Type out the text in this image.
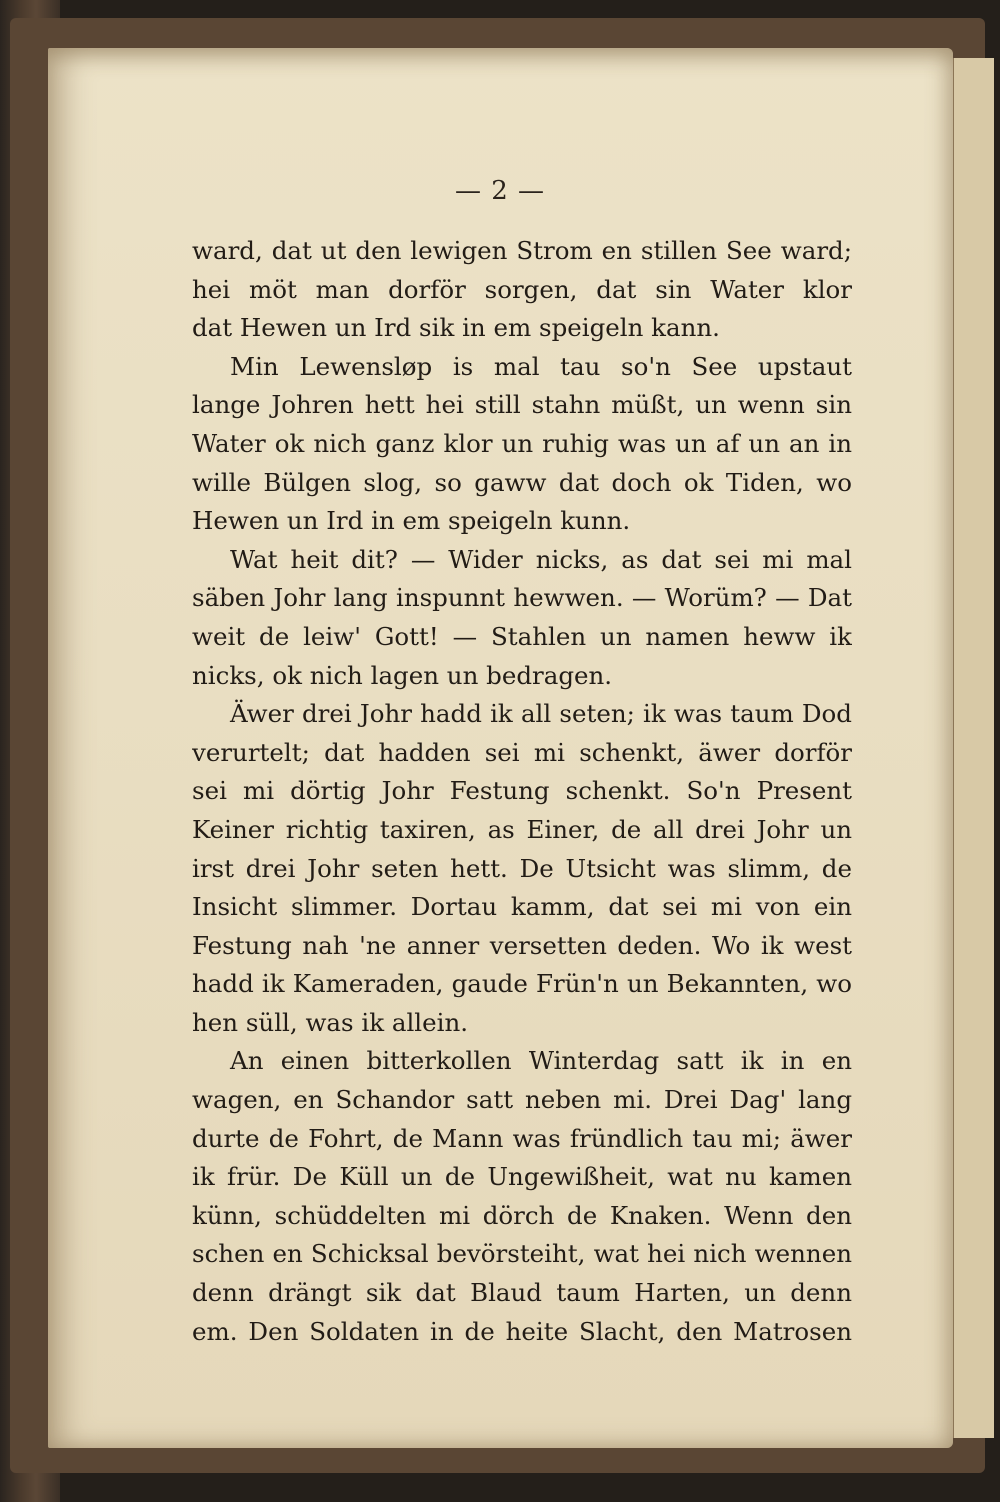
— 2 —
ward, dat ut den lewigen Strom en stillen See ward;
hei möt man dorför sorgen, dat sin Water klor
dat Hewen un Ird sik in em speigeln kann.
Min Lewensløp is mal tau so'n See upstaut
lange Johren hett hei still stahn müßt, un wenn sin
Water ok nich ganz klor un ruhig was un af un an in
wille Bülgen slog, so gaww dat doch ok Tiden, wo
Hewen un Ird in em speigeln kunn.
Wat heit dit? — Wider nicks, as dat sei mi mal
säben Johr lang inspunnt hewwen. — Worüm? — Dat
weit de leiw' Gott! — Stahlen un namen heww ik
nicks, ok nich lagen un bedragen.
Äwer drei Johr hadd ik all seten; ik was taum Dod
verurtelt; dat hadden sei mi schenkt, äwer dorför
sei mi dörtig Johr Festung schenkt. So'n Present
Keiner richtig taxiren, as Einer, de all drei Johr un
irst drei Johr seten hett. De Utsicht was slimm, de
Insicht slimmer. Dortau kamm, dat sei mi von ein
Festung nah 'ne anner versetten deden. Wo ik west
hadd ik Kameraden, gaude Frün'n un Bekannten, wo
hen süll, was ik allein.
An einen bitterkollen Winterdag satt ik in en
wagen, en Schandor satt neben mi. Drei Dag' lang
durte de Fohrt, de Mann was fründlich tau mi; äwer
ik frür. De Küll un de Ungewißheit, wat nu kamen
künn, schüddelten mi dörch de Knaken. Wenn den
schen en Schicksal bevörsteiht, wat hei nich wennen
denn drängt sik dat Blaud taum Harten, un denn
em. Den Soldaten in de heite Slacht, den Matrosen
